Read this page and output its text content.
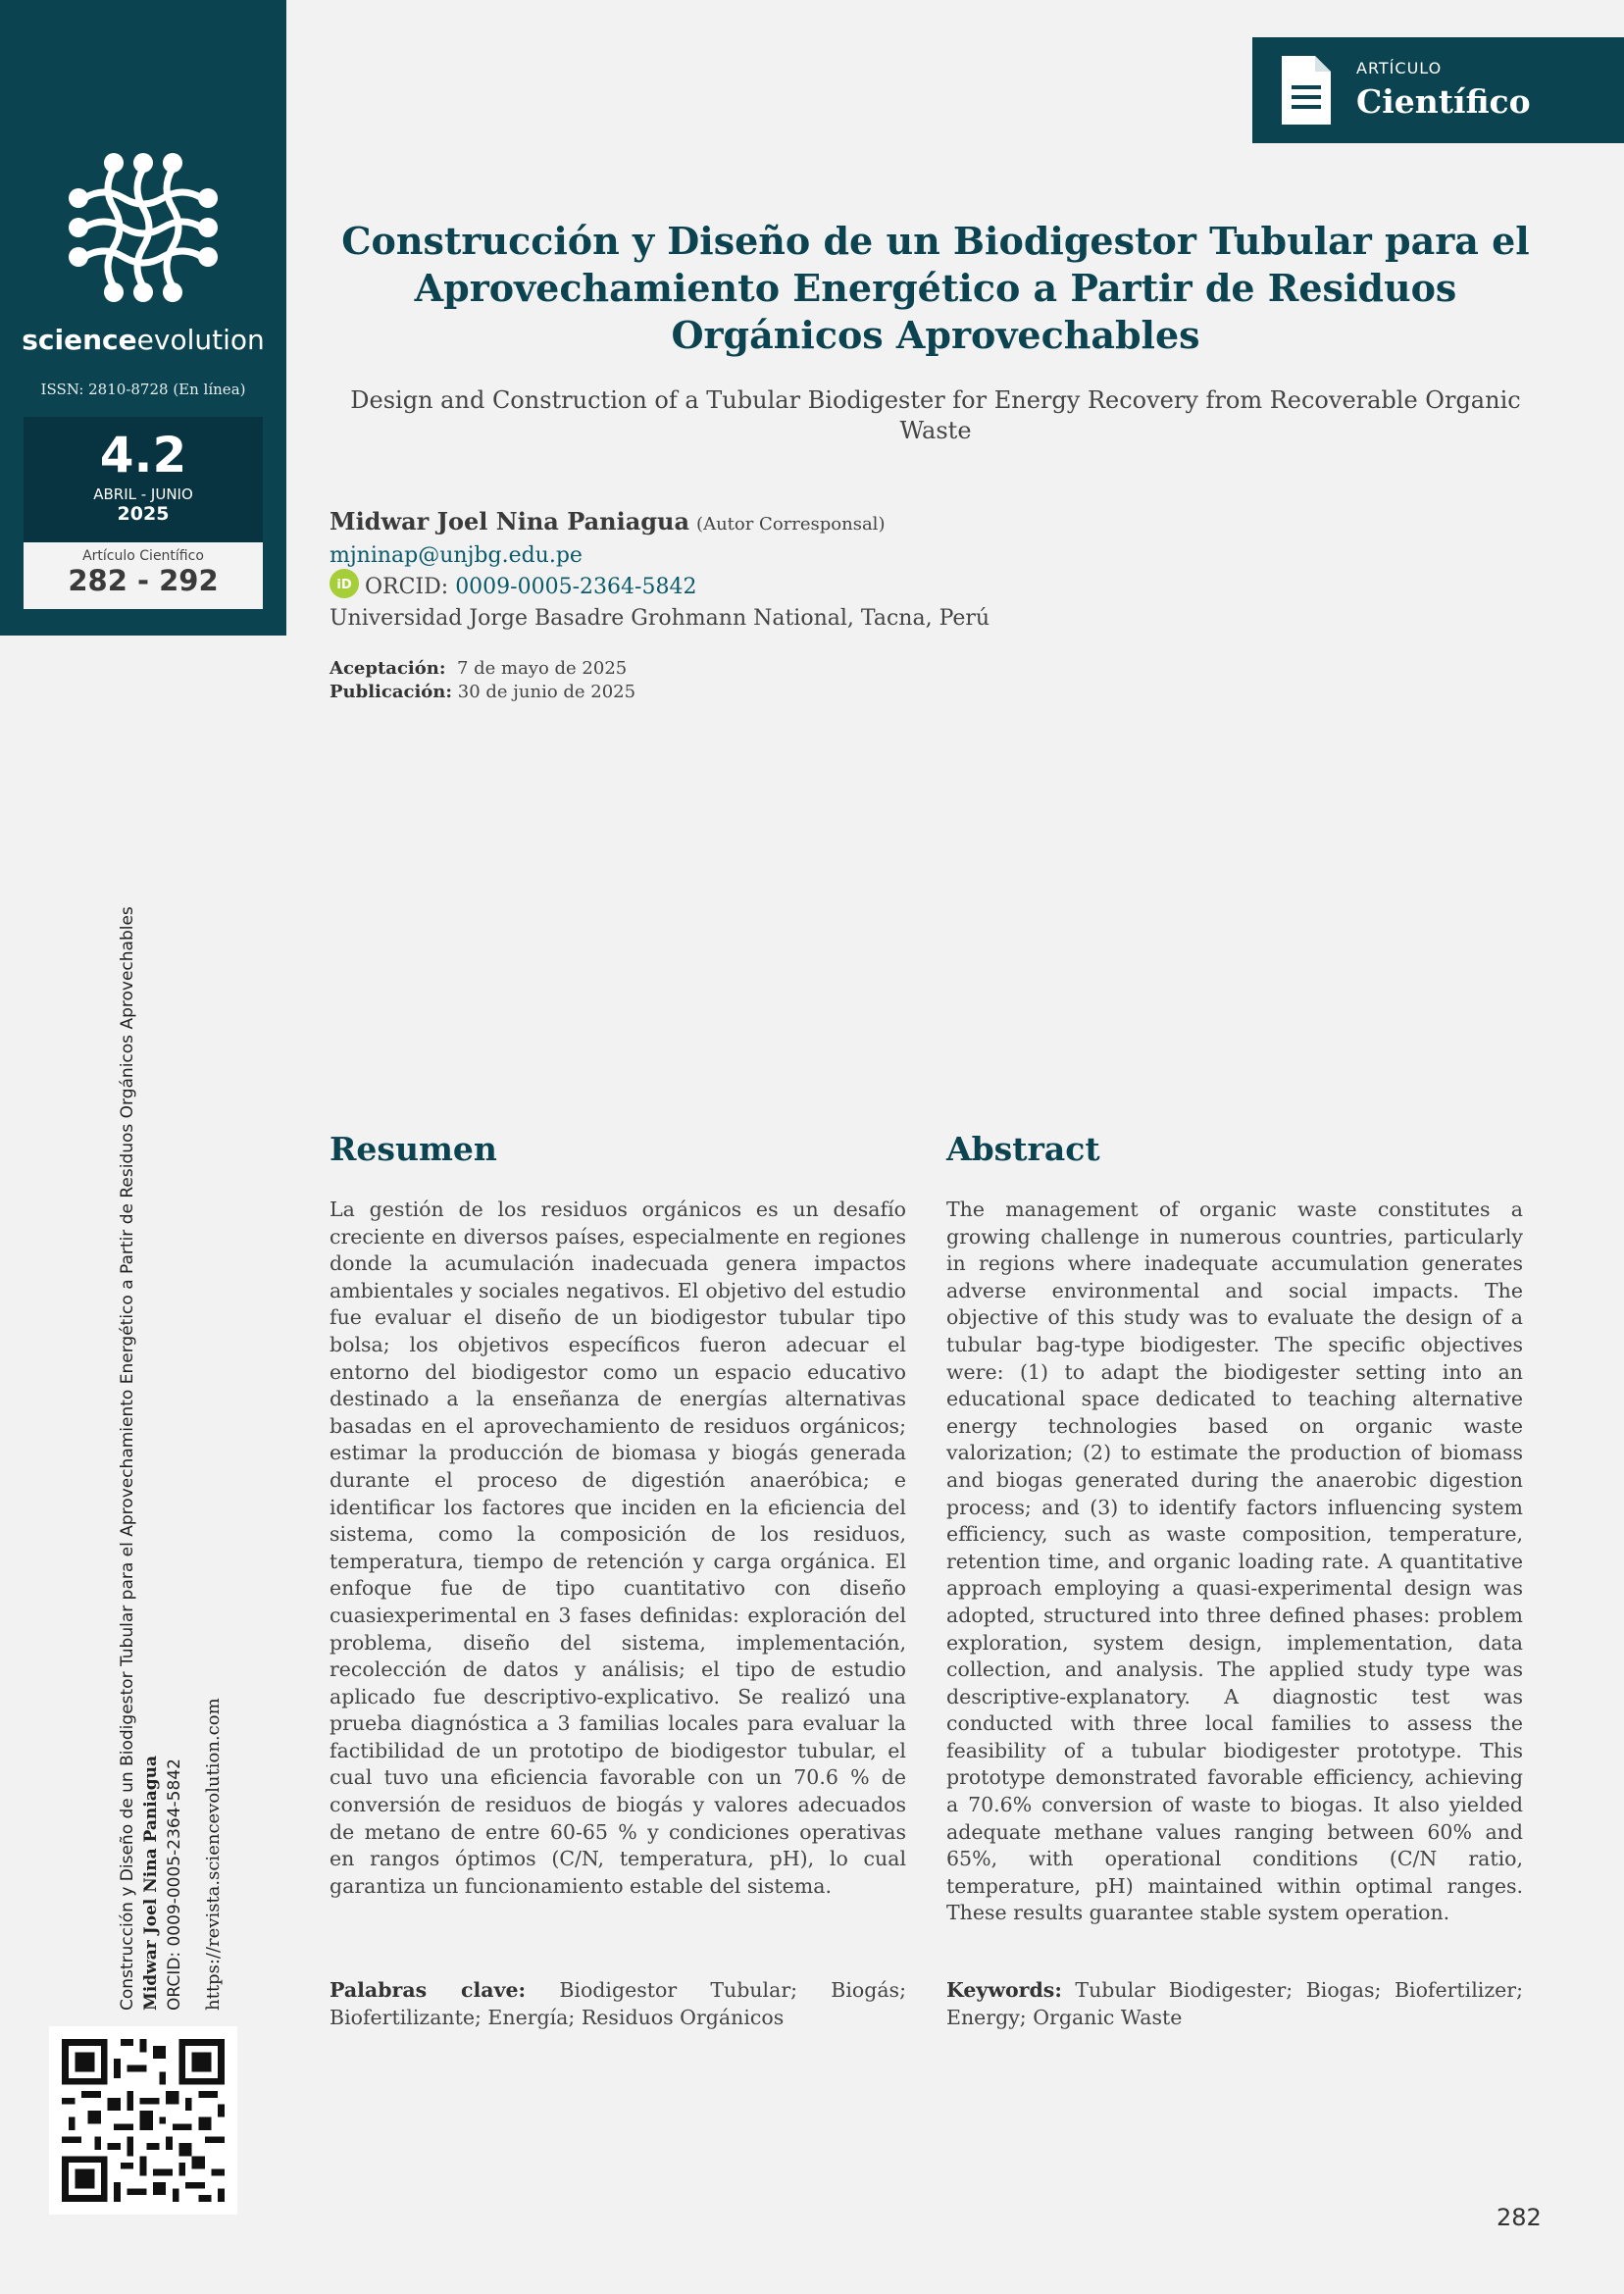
scienceevolution
ISSN: 2810-8728 (En línea)
4.2
ABRIL - JUNIO
2025
Artículo Científico
282 - 292
Construcción y Diseño de un Biodigestor Tubular para el Aprovechamiento Energético a Partir de Residuos Orgánicos Aprovechables Midwar Joel Nina Paniagua ORCID: 0009-0005-2364-5842 https://revista.sciencevolution.com
ARTÍCULO
Científico
Construcción y Diseño de un Biodigestor Tubular para el Aprovechamiento Energético a Partir de Residuos Orgánicos Aprovechables
Design and Construction of a Tubular Biodigester for Energy Recovery from Recoverable Organic Waste
Midwar Joel Nina Paniagua (Autor Corresponsal)
mjninap@unjbg.edu.pe
iD ORCID: 0009-0005-2364-5842
Universidad Jorge Basadre Grohmann National, Tacna, Perú
Aceptación: 7 de mayo de 2025
Publicación: 30 de junio de 2025
Resumen

La gestión de los residuos orgánicos es un desafío creciente en diversos países, especialmente en regiones donde la acumulación inadecuada genera impactos ambientales y sociales negativos. El objetivo del estudio fue evaluar el diseño de un biodigestor tubular tipo bolsa; los objetivos específicos fueron adecuar el entorno del biodigestor como un espacio educativo destinado a la enseñanza de energías alternativas basadas en el aprovechamiento de residuos orgánicos; estimar la producción de biomasa y biogás generada durante el proceso de digestión anaeróbica; e identificar los factores que inciden en la eficiencia del sistema, como la composición de los residuos, temperatura, tiempo de retención y carga orgánica. El enfoque fue de tipo cuantitativo con diseño cuasiexperimental en 3 fases definidas: exploración del problema, diseño del sistema, implementación, recolección de datos y análisis; el tipo de estudio aplicado fue descriptivo-explicativo. Se realizó una prueba diagnóstica a 3 familias locales para evaluar la factibilidad de un prototipo de biodigestor tubular, el cual tuvo una eficiencia favorable con un 70.6 % de conversión de residuos de biogás y valores adecuados de metano de entre 60-65 % y condiciones operativas en rangos óptimos (C/N, temperatura, pH), lo cual garantiza un funcionamiento estable del sistema.

Palabras clave: Biodigestor Tubular; Biogás; Biofertilizante; Energía; Residuos Orgánicos

Abstract

The management of organic waste constitutes a growing challenge in numerous countries, particularly in regions where inadequate accumulation generates adverse environmental and social impacts. The objective of this study was to evaluate the design of a tubular bag-type biodigester. The specific objectives were: (1) to adapt the biodigester setting into an educational space dedicated to teaching alternative energy technologies based on organic waste valorization; (2) to estimate the production of biomass and biogas generated during the anaerobic digestion process; and (3) to identify factors influencing system efficiency, such as waste composition, temperature, retention time, and organic loading rate. A quantitative approach employing a quasi-experimental design was adopted, structured into three defined phases: problem exploration, system design, implementation, data collection, and analysis. The applied study type was descriptive-explanatory. A diagnostic test was conducted with three local families to assess the feasibility of a tubular biodigester prototype. This prototype demonstrated favorable efficiency, achieving a 70.6% conversion of waste to biogas. It also yielded adequate methane values ranging between 60% and 65%, with operational conditions (C/N ratio, temperature, pH) maintained within optimal ranges. These results guarantee stable system operation.

Keywords: Tubular Biodigester; Biogas; Biofertilizer; Energy; Organic Waste

282
